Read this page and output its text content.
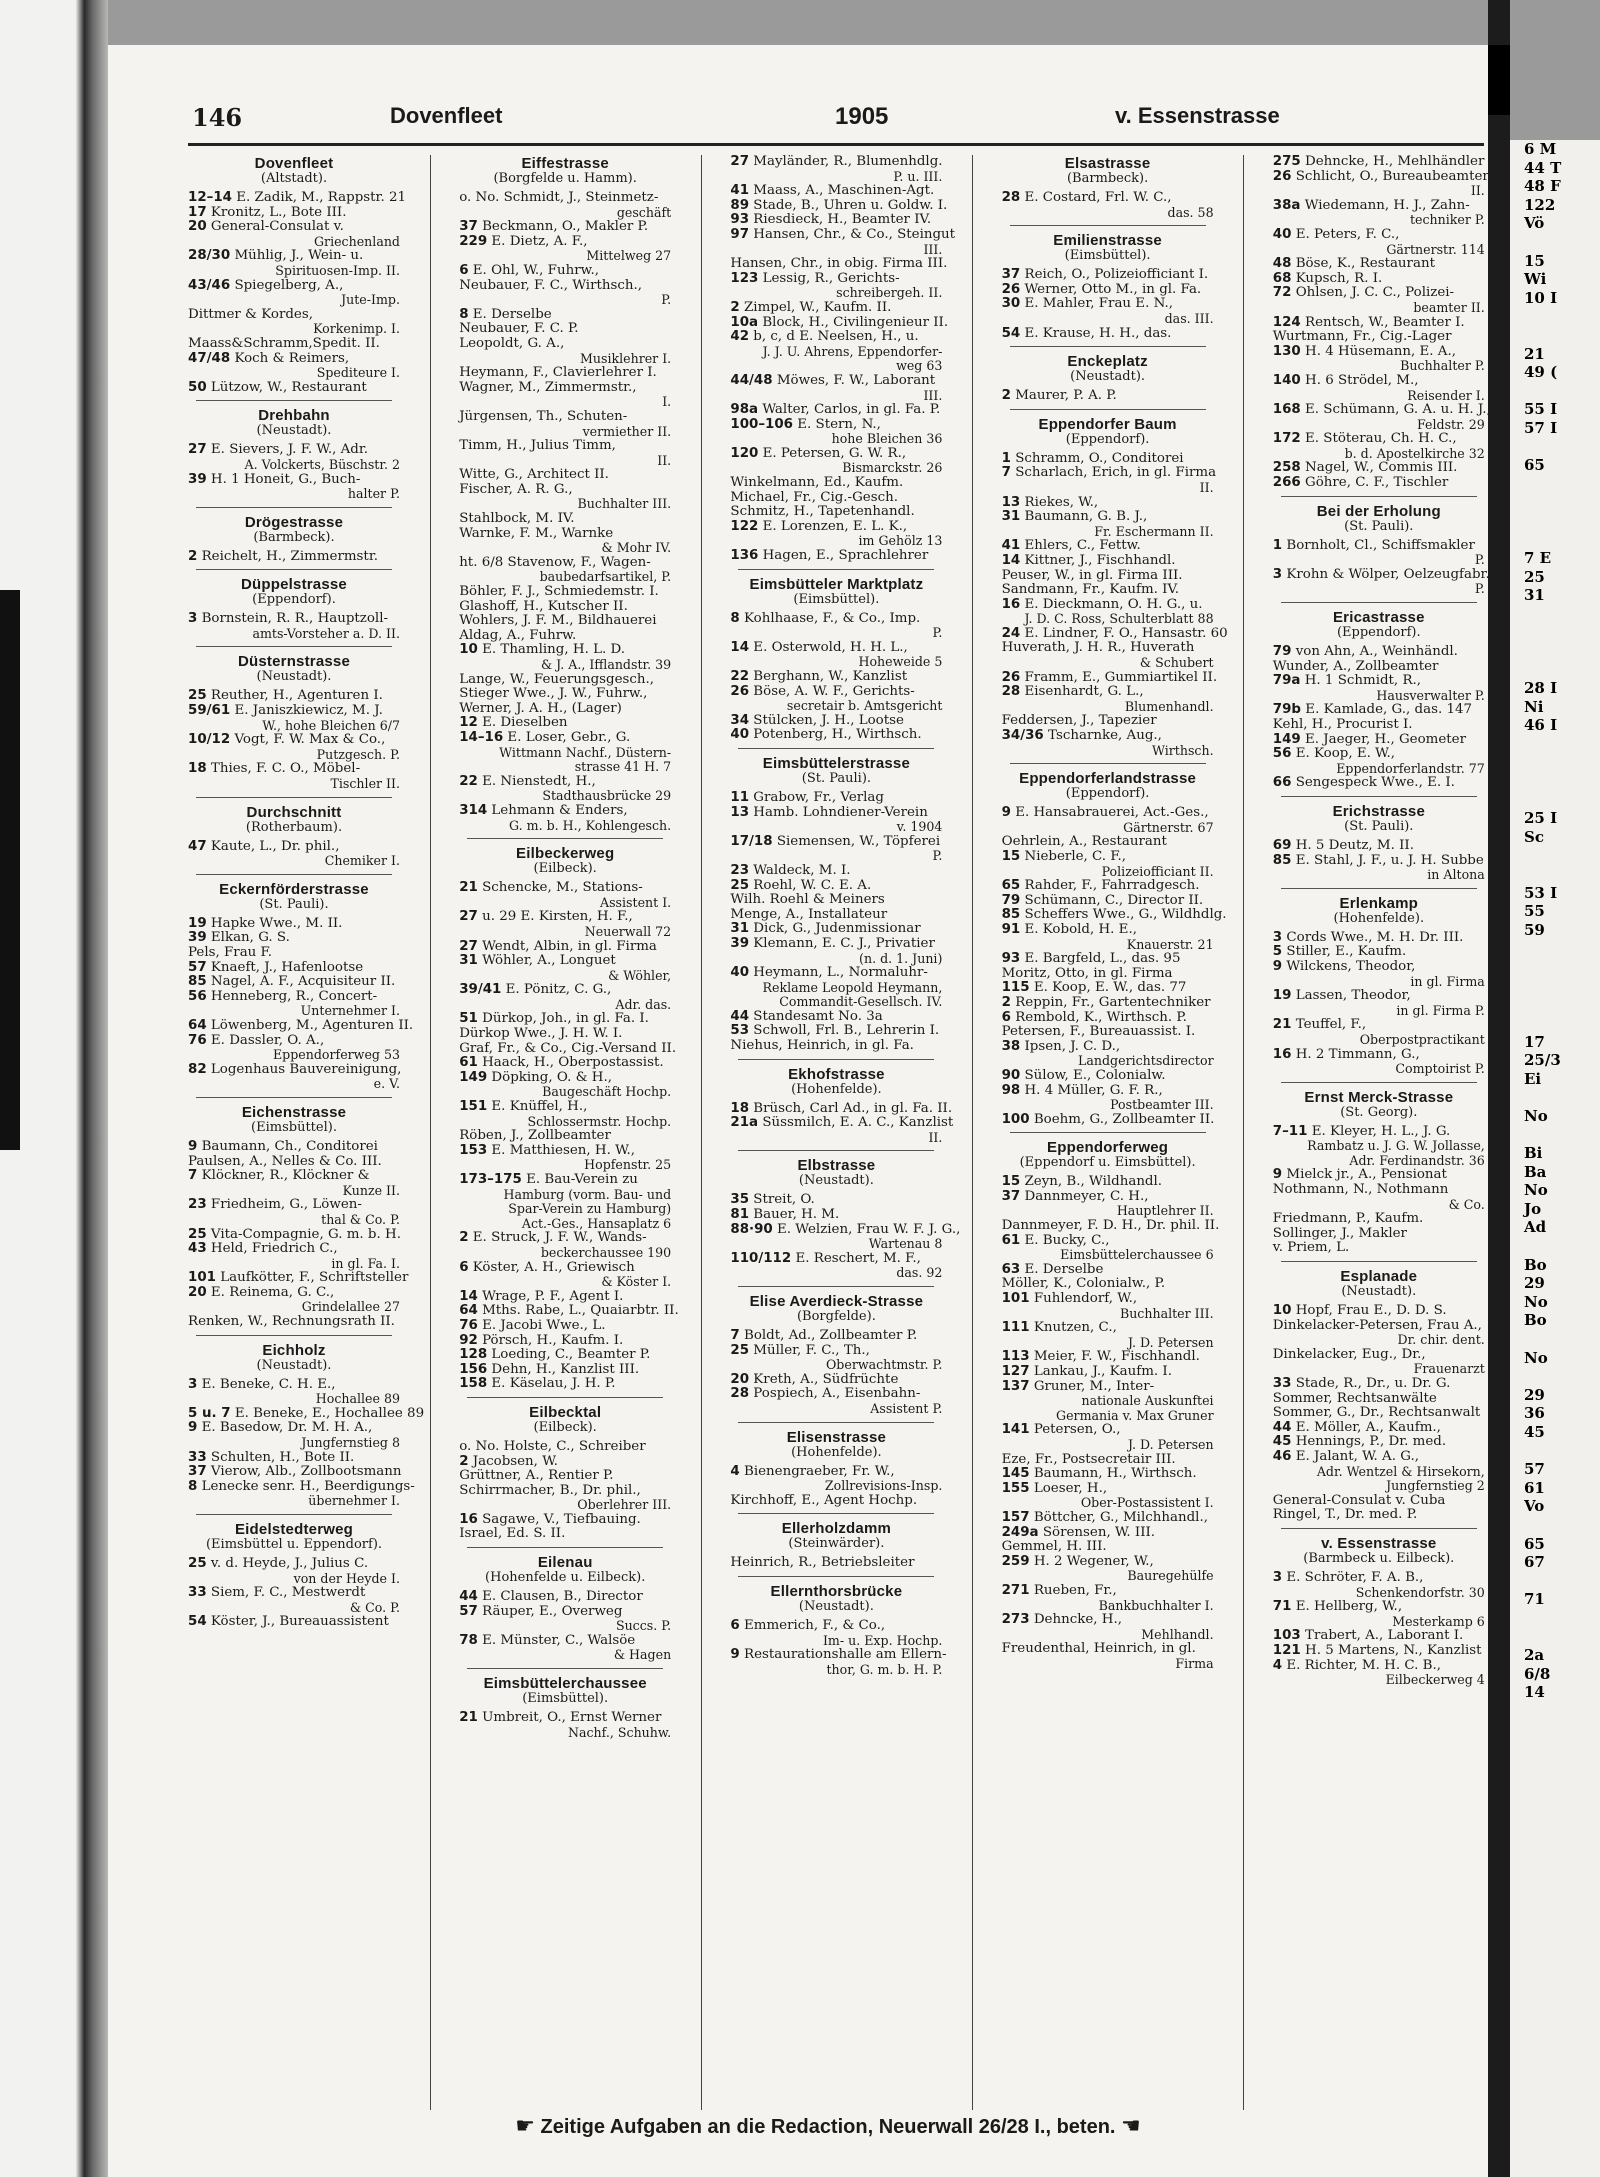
6 M
44 T
48 F
122
Vö

15
Wi
10 I

21
49 (

55 I
57 I

65

7 E
25
31

28 I
Ni
46 I

25 I
Sc

53 I
55
59

17
25/3
Ei

No

Bi
Ba
No
Jo
Ad

Bo
29
No
Bo

No

29
36
45

57
61
Vo

65
67

71

2a
6/8
14
146	Dovenfleet	1905	v. Essenstrasse
Dovenfleet
(Altstadt).
12–14 E. Zadik, M., Rappstr. 21
17 Kronitz, L., Bote III.
20 General-Consulat v.
Griechenland
28/30 Mühlig, J., Wein- u.
Spirituosen-Imp. II.
43/46 Spiegelberg, A.,
Jute-Imp.
Dittmer & Kordes,
Korkenimp. I.
Maass&Schramm,Spedit. II.
47/48 Koch & Reimers,
Spediteure I.
50 Lützow, W., Restaurant
Drehbahn
(Neustadt).
27 E. Sievers, J. F. W., Adr.
A. Volckerts, Büschstr. 2
39 H. 1 Honeit, G., Buch-
halter P.
Drögestrasse
(Barmbeck).
2 Reichelt, H., Zimmermstr.
Düppelstrasse
(Eppendorf).
3 Bornstein, R. R., Hauptzoll-
amts-Vorsteher a. D. II.
Düsternstrasse
(Neustadt).
25 Reuther, H., Agenturen I.
59/61 E. Janiszkiewicz, M. J.
W., hohe Bleichen 6/7
10/12 Vogt, F. W. Max & Co.,
Putzgesch. P.
18 Thies, F. C. O., Möbel-
Tischler II.
Durchschnitt
(Rotherbaum).
47 Kaute, L., Dr. phil.,
Chemiker I.
Eckernförderstrasse
(St. Pauli).
19 Hapke Wwe., M. II.
39 Elkan, G. S.
Pels, Frau F.
57 Knaeft, J., Hafenlootse
85 Nagel, A. F., Acquisiteur II.
56 Henneberg, R., Concert-
Unternehmer I.
64 Löwenberg, M., Agenturen II.
76 E. Dassler, O. A.,
Eppendorferweg 53
82 Logenhaus Bauvereinigung,
e. V.
Eichenstrasse
(Eimsbüttel).
9 Baumann, Ch., Conditorei
Paulsen, A., Nelles & Co. III.
7 Klöckner, R., Klöckner &
Kunze II.
23 Friedheim, G., Löwen-
thal & Co. P.
25 Vita-Compagnie, G. m. b. H.
43 Held, Friedrich C.,
in gl. Fa. I.
101 Laufkötter, F., Schriftsteller
20 E. Reinema, G. C.,
Grindelallee 27
Renken, W., Rechnungsrath II.
Eichholz
(Neustadt).
3 E. Beneke, C. H. E.,
Hochallee 89
5 u. 7 E. Beneke, E., Hochallee 89
9 E. Basedow, Dr. M. H. A.,
Jungfernstieg 8
33 Schulten, H., Bote II.
37 Vierow, Alb., Zollbootsmann
8 Lenecke senr. H., Beerdigungs-
übernehmer I.
Eidelstedterweg
(Eimsbüttel u. Eppendorf).
25 v. d. Heyde, J., Julius C.
von der Heyde I.
33 Siem, F. C., Mestwerdt
& Co. P.
54 Köster, J., Bureauassistent
Eiffestrasse
(Borgfelde u. Hamm).
o. No. Schmidt, J., Steinmetz-
geschäft
37 Beckmann, O., Makler P.
229 E. Dietz, A. F.,
Mittelweg 27
6 E. Ohl, W., Fuhrw.,
Neubauer, F. C., Wirthsch.,
P.
8 E. Derselbe
Neubauer, F. C. P.
Leopoldt, G. A.,
Musiklehrer I.
Heymann, F., Clavierlehrer I.
Wagner, M., Zimmermstr.,
I.
Jürgensen, Th., Schuten-
vermiether II.
Timm, H., Julius Timm,
II.
Witte, G., Architect II.
Fischer, A. R. G.,
Buchhalter III.
Stahlbock, M. IV.
Warnke, F. M., Warnke
& Mohr IV.
ht. 6/8 Stavenow, F., Wagen-
baubedarfsartikel, P.
Böhler, F. J., Schmiedemstr. I.
Glashoff, H., Kutscher II.
Wohlers, J. F. M., Bildhauerei
Aldag, A., Fuhrw.
10 E. Thamling, H. L. D.
& J. A., Ifflandstr. 39
Lange, W., Feuerungsgesch.,
Stieger Wwe., J. W., Fuhrw.,
Werner, J. A. H., (Lager)
12 E. Dieselben
14–16 E. Loser, Gebr., G.
Wittmann Nachf., Düstern-
strasse 41 H. 7
22 E. Nienstedt, H.,
Stadthausbrücke 29
314 Lehmann & Enders,
G. m. b. H., Kohlengesch.
Eilbeckerweg
(Eilbeck).
21 Schencke, M., Stations-
Assistent I.
27 u. 29 E. Kirsten, H. F.,
Neuerwall 72
27 Wendt, Albin, in gl. Firma
31 Wöhler, A., Longuet
& Wöhler,
39/41 E. Pönitz, C. G.,
Adr. das.
51 Dürkop, Joh., in gl. Fa. I.
Dürkop Wwe., J. H. W. I.
Graf, Fr., & Co., Cig.-Versand II.
61 Haack, H., Oberpostassist.
149 Döpking, O. & H.,
Baugeschäft Hochp.
151 E. Knüffel, H.,
Schlossermstr. Hochp.
Röben, J., Zollbeamter
153 E. Matthiesen, H. W.,
Hopfenstr. 25
173–175 E. Bau-Verein zu
Hamburg (vorm. Bau- und
Spar-Verein zu Hamburg)
Act.-Ges., Hansaplatz 6
2 E. Struck, J. F. W., Wands-
beckerchaussee 190
6 Köster, A. H., Griewisch
& Köster I.
14 Wrage, P. F., Agent I.
64 Mths. Rabe, L., Quaiarbtr. II.
76 E. Jacobi Wwe., L.
92 Pörsch, H., Kaufm. I.
128 Loeding, C., Beamter P.
156 Dehn, H., Kanzlist III.
158 E. Käselau, J. H. P.
Eilbecktal
(Eilbeck).
o. No. Holste, C., Schreiber
2 Jacobsen, W.
Grüttner, A., Rentier P.
Schirrmacher, B., Dr. phil.,
Oberlehrer III.
16 Sagawe, V., Tiefbauing.
Israel, Ed. S. II.
Eilenau
(Hohenfelde u. Eilbeck).
44 E. Clausen, B., Director
57 Räuper, E., Overweg
Succs. P.
78 E. Münster, C., Walsöe
& Hagen
Eimsbüttelerchaussee
(Eimsbüttel).
21 Umbreit, O., Ernst Werner
Nachf., Schuhw.
27 Mayländer, R., Blumenhdlg.
P. u. III.
41 Maass, A., Maschinen-Agt.
89 Stade, B., Uhren u. Goldw. I.
93 Riesdieck, H., Beamter IV.
97 Hansen, Chr., & Co., Steingut
III.
Hansen, Chr., in obig. Firma III.
123 Lessig, R., Gerichts-
schreibergeh. II.
2 Zimpel, W., Kaufm. II.
10a Block, H., Civilingenieur II.
42 b, c, d E. Neelsen, H., u.
J. J. U. Ahrens, Eppendorfer-
weg 63
44/48 Möwes, F. W., Laborant
III.
98a Walter, Carlos, in gl. Fa. P.
100–106 E. Stern, N.,
hohe Bleichen 36
120 E. Petersen, G. W. R.,
Bismarckstr. 26
Winkelmann, Ed., Kaufm.
Michael, Fr., Cig.-Gesch.
Schmitz, H., Tapetenhandl.
122 E. Lorenzen, E. L. K.,
im Gehölz 13
136 Hagen, E., Sprachlehrer
Eimsbütteler Marktplatz
(Eimsbüttel).
8 Kohlhaase, F., & Co., Imp.
P.
14 E. Osterwold, H. H. L.,
Hoheweide 5
22 Berghann, W., Kanzlist
26 Böse, A. W. F., Gerichts-
secretair b. Amtsgericht
34 Stülcken, J. H., Lootse
40 Potenberg, H., Wirthsch.
Eimsbüttelerstrasse
(St. Pauli).
11 Grabow, Fr., Verlag
13 Hamb. Lohndiener-Verein
v. 1904
17/18 Siemensen, W., Töpferei
P.
23 Waldeck, M. I.
25 Roehl, W. C. E. A.
Wilh. Roehl & Meiners
Menge, A., Installateur
31 Dick, G., Judenmissionar
39 Klemann, E. C. J., Privatier
(n. d. 1. Juni)
40 Heymann, L., Normaluhr-
Reklame Leopold Heymann,
Commandit-Gesellsch. IV.
44 Standesamt No. 3a
53 Schwoll, Frl. B., Lehrerin I.
Niehus, Heinrich, in gl. Fa.
Ekhofstrasse
(Hohenfelde).
18 Brüsch, Carl Ad., in gl. Fa. II.
21a Süssmilch, E. A. C., Kanzlist
II.
Elbstrasse
(Neustadt).
35 Streit, O.
81 Bauer, H. M.
88·90 E. Welzien, Frau W. F. J. G.,
Wartenau 8
110/112 E. Reschert, M. F.,
das. 92
Elise Averdieck-Strasse
(Borgfelde).
7 Boldt, Ad., Zollbeamter P.
25 Müller, F. C., Th.,
Oberwachtmstr. P.
20 Kreth, A., Südfrüchte
28 Pospiech, A., Eisenbahn-
Assistent P.
Elisenstrasse
(Hohenfelde).
4 Bienengraeber, Fr. W.,
Zollrevisions-Insp.
Kirchhoff, E., Agent Hochp.
Ellerholzdamm
(Steinwärder).
Heinrich, R., Betriebsleiter
Ellernthorsbrücke
(Neustadt).
6 Emmerich, F., & Co.,
Im- u. Exp. Hochp.
9 Restaurationshalle am Ellern-
thor, G. m. b. H. P.
Elsastrasse
(Barmbeck).
28 E. Costard, Frl. W. C.,
das. 58
Emilienstrasse
(Eimsbüttel).
37 Reich, O., Polizeiofficiant I.
26 Werner, Otto M., in gl. Fa.
30 E. Mahler, Frau E. N.,
das. III.
54 E. Krause, H. H., das.
Enckeplatz
(Neustadt).
2 Maurer, P. A. P.
Eppendorfer Baum
(Eppendorf).
1 Schramm, O., Conditorei
7 Scharlach, Erich, in gl. Firma
II.
13 Riekes, W.,
31 Baumann, G. B. J.,
Fr. Eschermann II.
41 Ehlers, C., Fettw.
14 Kittner, J., Fischhandl.
Peuser, W., in gl. Firma III.
Sandmann, Fr., Kaufm. IV.
16 E. Dieckmann, O. H. G., u.
J. D. C. Ross, Schulterblatt 88
24 E. Lindner, F. O., Hansastr. 60
Huverath, J. H. R., Huverath
& Schubert
26 Framm, E., Gummiartikel II.
28 Eisenhardt, G. L.,
Blumenhandl.
Feddersen, J., Tapezier
34/36 Tscharnke, Aug.,
Wirthsch.
Eppendorferlandstrasse
(Eppendorf).
9 E. Hansabrauerei, Act.-Ges.,
Gärtnerstr. 67
Oehrlein, A., Restaurant
15 Nieberle, C. F.,
Polizeiofficiant II.
65 Rahder, F., Fahrradgesch.
79 Schümann, C., Director II.
85 Scheffers Wwe., G., Wildhdlg.
91 E. Kobold, H. E.,
Knauerstr. 21
93 E. Bargfeld, L., das. 95
Moritz, Otto, in gl. Firma
115 E. Koop, E. W., das. 77
2 Reppin, Fr., Gartentechniker
6 Rembold, K., Wirthsch. P.
Petersen, F., Bureauassist. I.
38 Ipsen, J. C. D.,
Landgerichtsdirector
90 Sülow, E., Colonialw.
98 H. 4 Müller, G. F. R.,
Postbeamter III.
100 Boehm, G., Zollbeamter II.
Eppendorferweg
(Eppendorf u. Eimsbüttel).
15 Zeyn, B., Wildhandl.
37 Dannmeyer, C. H.,
Hauptlehrer II.
Dannmeyer, F. D. H., Dr. phil. II.
61 E. Bucky, C.,
Eimsbüttelerchaussee 6
63 E. Derselbe
Möller, K., Colonialw., P.
101 Fuhlendorf, W.,
Buchhalter III.
111 Knutzen, C.,
J. D. Petersen
113 Meier, F. W., Fischhandl.
127 Lankau, J., Kaufm. I.
137 Gruner, M., Inter-
nationale Auskunftei
Germania v. Max Gruner
141 Petersen, O.,
J. D. Petersen
Eze, Fr., Postsecretair III.
145 Baumann, H., Wirthsch.
155 Loeser, H.,
Ober-Postassistent I.
157 Böttcher, G., Milchhandl.,
249a Sörensen, W. III.
Gemmel, H. III.
259 H. 2 Wegener, W.,
Bauregehülfe
271 Rueben, Fr.,
Bankbuchhalter I.
273 Dehncke, H.,
Mehlhandl.
Freudenthal, Heinrich, in gl.
Firma
275 Dehncke, H., Mehlhändler
26 Schlicht, O., Bureaubeamter
II.
38a Wiedemann, H. J., Zahn-
techniker P.
40 E. Peters, F. C.,
Gärtnerstr. 114
48 Böse, K., Restaurant
68 Kupsch, R. I.
72 Ohlsen, J. C. C., Polizei-
beamter II.
124 Rentsch, W., Beamter I.
Wurtmann, Fr., Cig.-Lager
130 H. 4 Hüsemann, E. A.,
Buchhalter P.
140 H. 6 Strödel, M.,
Reisender I.
168 E. Schümann, G. A. u. H. J.,
Feldstr. 29
172 E. Stöterau, Ch. H. C.,
b. d. Apostelkirche 32
258 Nagel, W., Commis III.
266 Göhre, C. F., Tischler
Bei der Erholung
(St. Pauli).
1 Bornholt, Cl., Schiffsmakler
P.
3 Krohn & Wölper, Oelzeugfabr.
P.
Ericastrasse
(Eppendorf).
79 von Ahn, A., Weinhändl.
Wunder, A., Zollbeamter
79a H. 1 Schmidt, R.,
Hausverwalter P.
79b E. Kamlade, G., das. 147
Kehl, H., Procurist I.
149 E. Jaeger, H., Geometer
56 E. Koop, E. W.,
Eppendorferlandstr. 77
66 Sengespeck Wwe., E. I.
Erichstrasse
(St. Pauli).
69 H. 5 Deutz, M. II.
85 E. Stahl, J. F., u. J. H. Subbe
in Altona
Erlenkamp
(Hohenfelde).
3 Cords Wwe., M. H. Dr. III.
5 Stiller, E., Kaufm.
9 Wilckens, Theodor,
in gl. Firma
19 Lassen, Theodor,
in gl. Firma P.
21 Teuffel, F.,
Oberpostpractikant
16 H. 2 Timmann, G.,
Comptoirist P.
Ernst Merck-Strasse
(St. Georg).
7–11 E. Kleyer, H. L., J. G.
Rambatz u. J. G. W. Jollasse,
Adr. Ferdinandstr. 36
9 Mielck jr., A., Pensionat
Nothmann, N., Nothmann
& Co.
Friedmann, P., Kaufm.
Sollinger, J., Makler
v. Priem, L.
Esplanade
(Neustadt).
10 Hopf, Frau E., D. D. S.
Dinkelacker-Petersen, Frau A.,
Dr. chir. dent.
Dinkelacker, Eug., Dr.,
Frauenarzt
33 Stade, R., Dr., u. Dr. G.
Sommer, Rechtsanwälte
Sommer, G., Dr., Rechtsanwalt
44 E. Möller, A., Kaufm.,
45 Hennings, P., Dr. med.
46 E. Jalant, W. A. G.,
Adr. Wentzel & Hirsekorn,
Jungfernstieg 2
General-Consulat v. Cuba
Ringel, T., Dr. med. P.
v. Essenstrasse
(Barmbeck u. Eilbeck).
3 E. Schröter, F. A. B.,
Schenkendorfstr. 30
71 E. Hellberg, W.,
Mesterkamp 6
103 Trabert, A., Laborant I.
121 H. 5 Martens, N., Kanzlist
4 E. Richter, M. H. C. B.,
Eilbeckerweg 4
☛ Zeitige Aufgaben an die Redaction, Neuerwall 26/28 I., beten. ☚
